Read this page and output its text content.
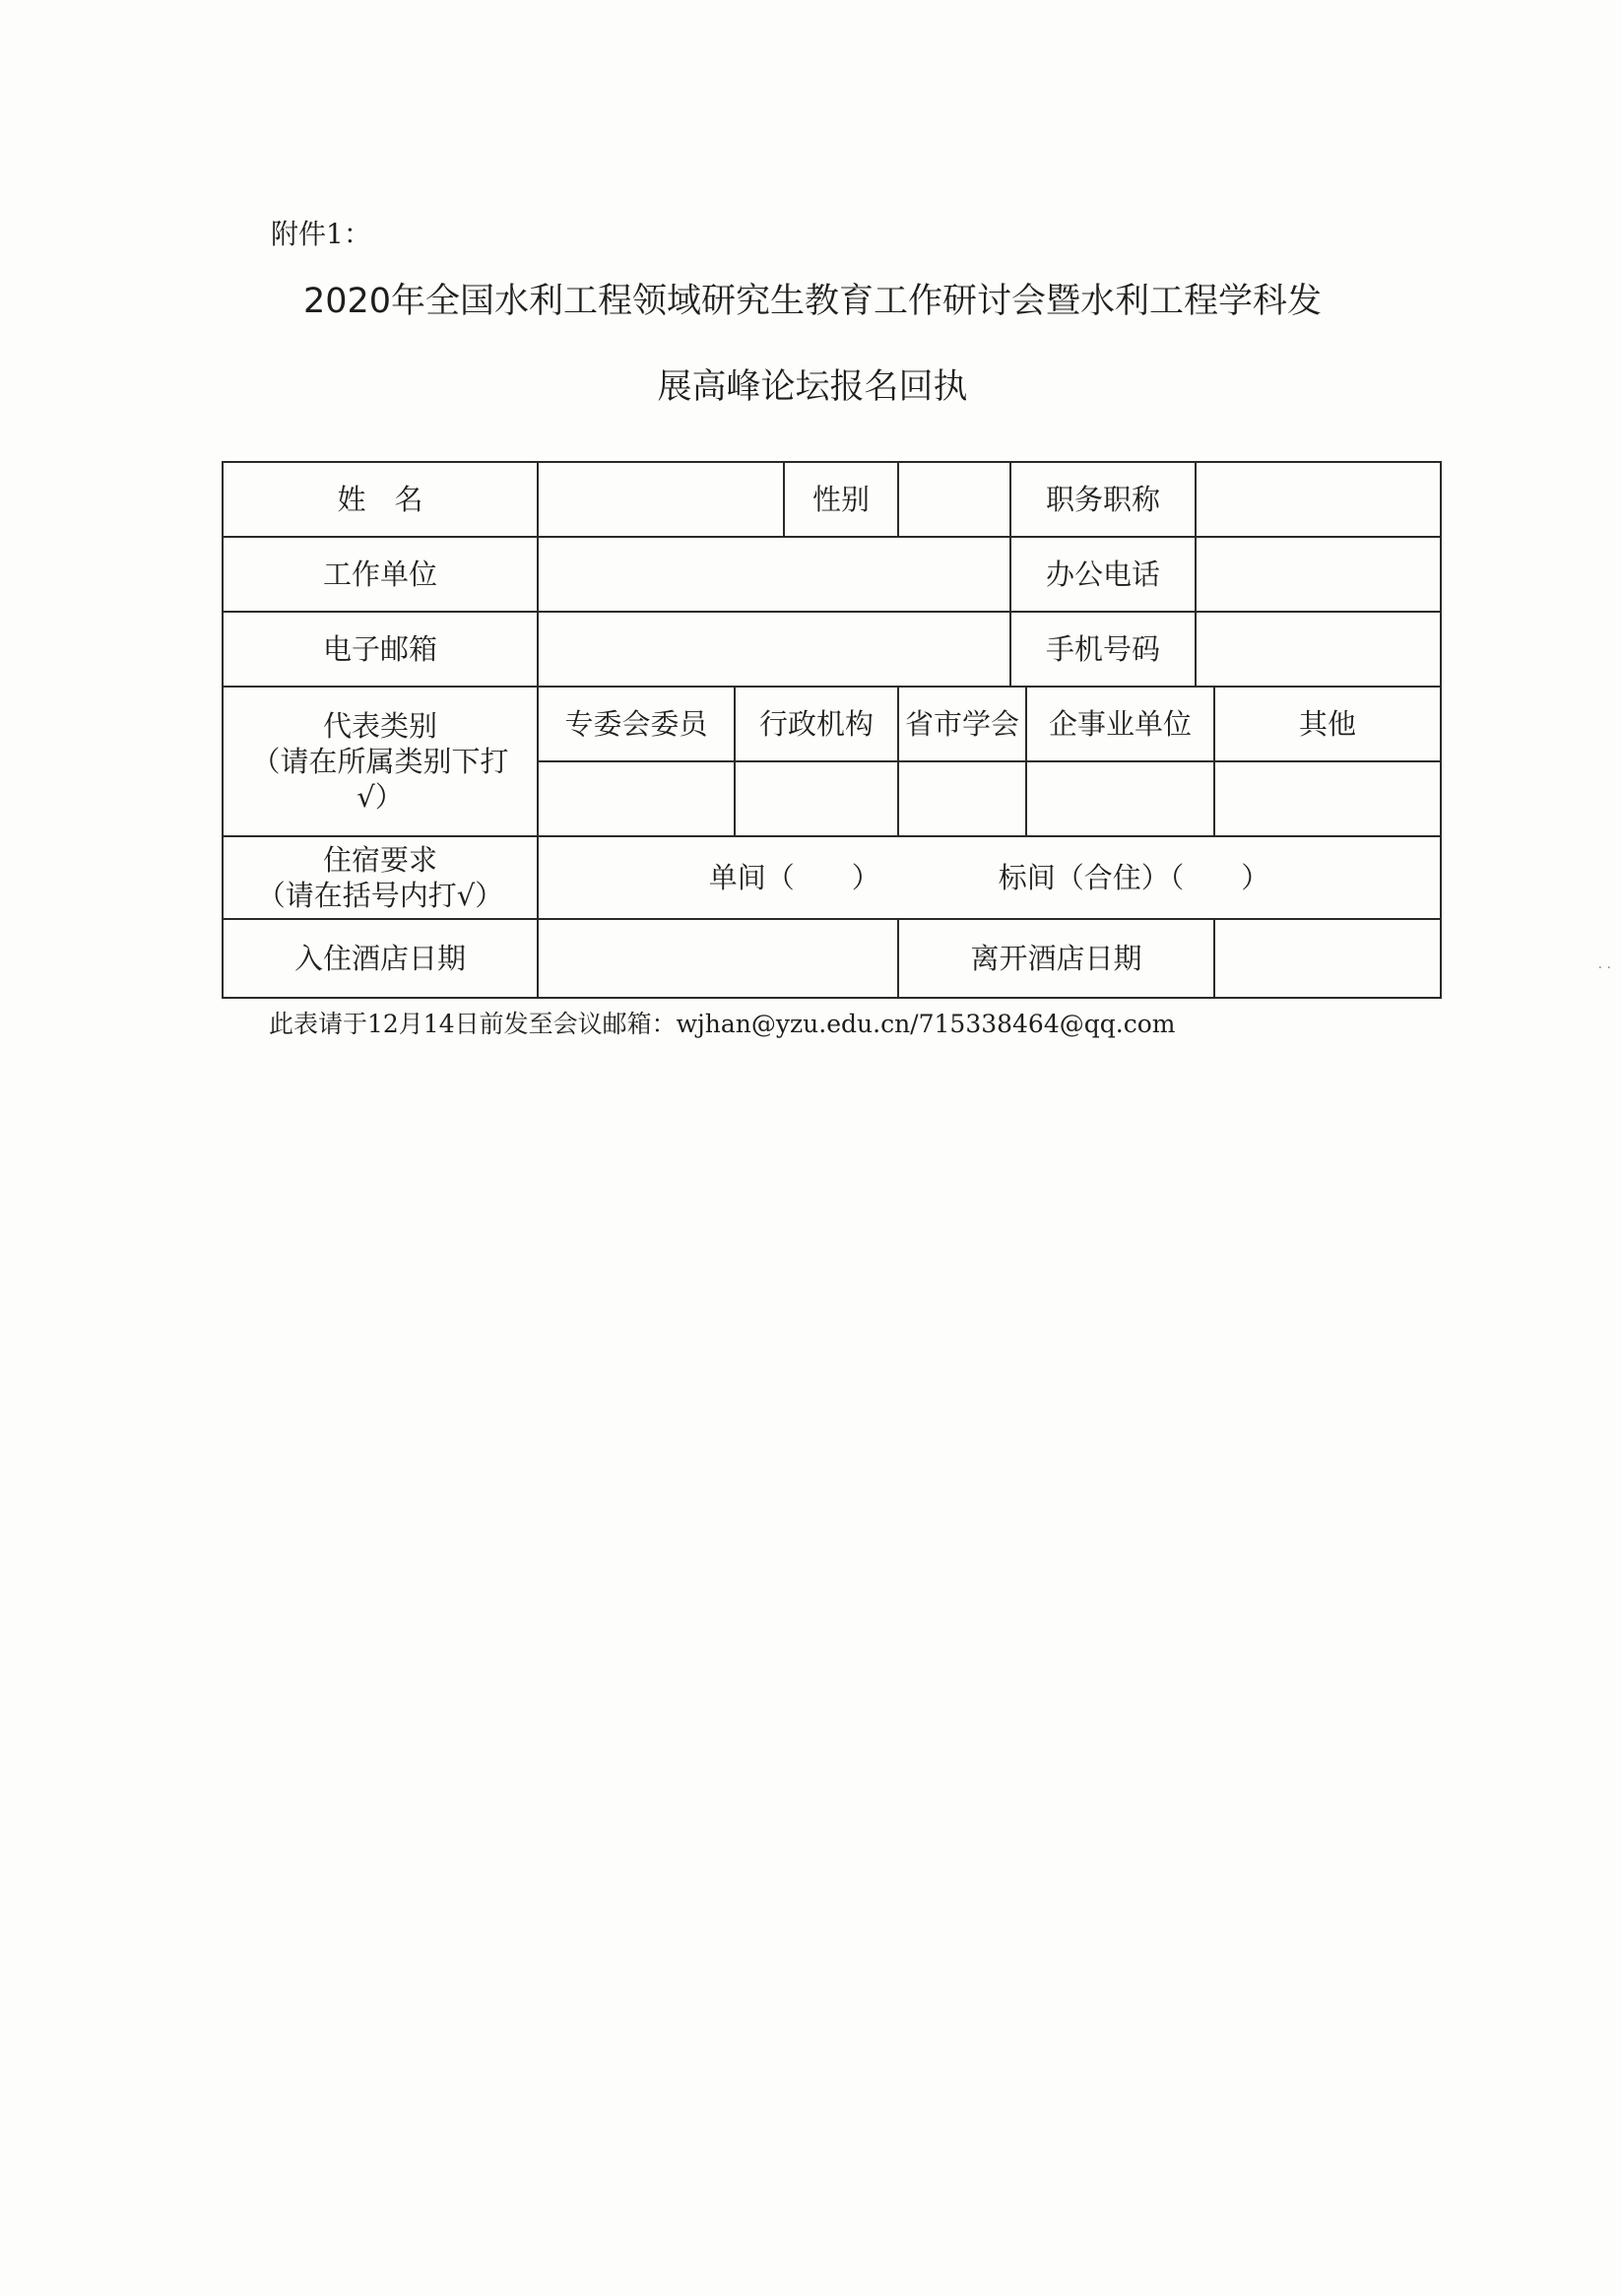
附件1：
2020年全国水利工程领域研究生教育工作研讨会暨水利工程学科发
展高峰论坛报名回执
姓　名			性别		职务职称			
工作单位					办公电话			
电子邮箱					手机号码			

代表类别
（请在所属类别下打
√）	专委会委员	行政机构		省市学会		企事业单位		其他

住宿要求
（请在括号内打√）	单间（　　） 标间（合住）（　　）							

入住酒店日期				离开酒店日期				
此表请于12月14日前发至会议邮箱：wjhan@yzu.edu.cn/715338464@qq.com
· ·
